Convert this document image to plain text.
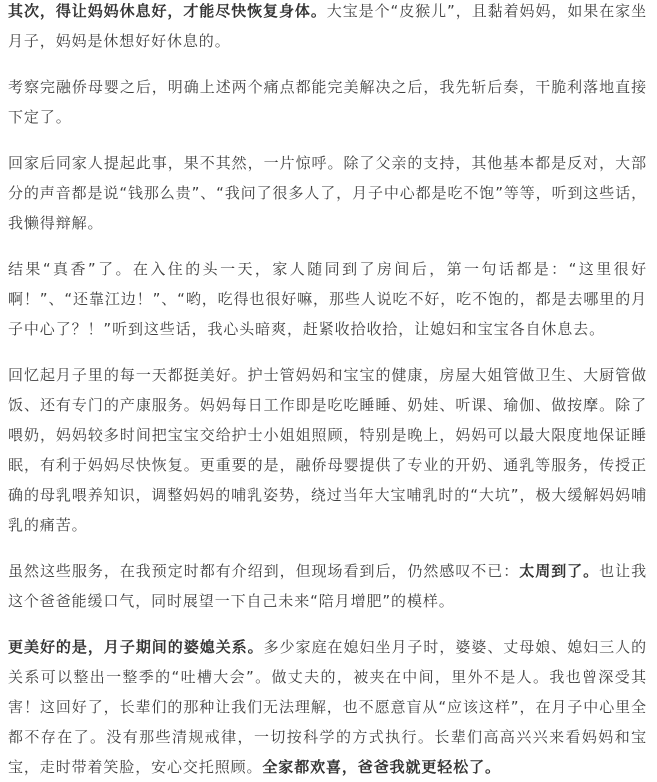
其次，得让妈妈休息好，才能尽快恢复身体。大宝是个“皮猴儿”，且黏着妈妈，如果在家坐月子，妈妈是休想好好休息的。

考察完融侨母婴之后，明确上述两个痛点都能完美解决之后，我先斩后奏，干脆利落地直接下定了。

回家后同家人提起此事，果不其然，一片惊呼。除了父亲的支持，其他基本都是反对，大部分的声音都是说“钱那么贵”、“我问了很多人了，月子中心都是吃不饱”等等，听到这些话，我懒得辩解。

结果“真香”了。在入住的头一天，家人随同到了房间后，第一句话都是：“这里很好啊！”、“还靠江边！”、“哟，吃得也很好嘛，那些人说吃不好，吃不饱的，都是去哪里的月子中心了？！”听到这些话，我心头暗爽，赶紧收拾收拾，让媳妇和宝宝各自休息去。

回忆起月子里的每一天都挺美好。护士管妈妈和宝宝的健康，房屋大姐管做卫生、大厨管做饭、还有专门的产康服务。妈妈每日工作即是吃吃睡睡、奶娃、听课、瑜伽、做按摩。除了喂奶，妈妈较多时间把宝宝交给护士小姐姐照顾，特别是晚上，妈妈可以最大限度地保证睡眠，有利于妈妈尽快恢复。更重要的是，融侨母婴提供了专业的开奶、通乳等服务，传授正确的母乳喂养知识，调整妈妈的哺乳姿势，绕过当年大宝哺乳时的“大坑”，极大缓解妈妈哺乳的痛苦。

虽然这些服务，在我预定时都有介绍到，但现场看到后，仍然感叹不已：太周到了。也让我这个爸爸能缓口气，同时展望一下自己未来“陪月增肥”的模样。

更美好的是，月子期间的婆媳关系。多少家庭在媳妇坐月子时，婆婆、丈母娘、媳妇三人的关系可以整出一整季的“吐槽大会”。做丈夫的，被夹在中间，里外不是人。我也曾深受其害！这回好了，长辈们的那种让我们无法理解，也不愿意盲从“应该这样”，在月子中心里全都不存在了。没有那些清规戒律，一切按科学的方式执行。长辈们高高兴兴来看妈妈和宝宝，走时带着笑脸，安心交托照顾。全家都欢喜，爸爸我就更轻松了。
